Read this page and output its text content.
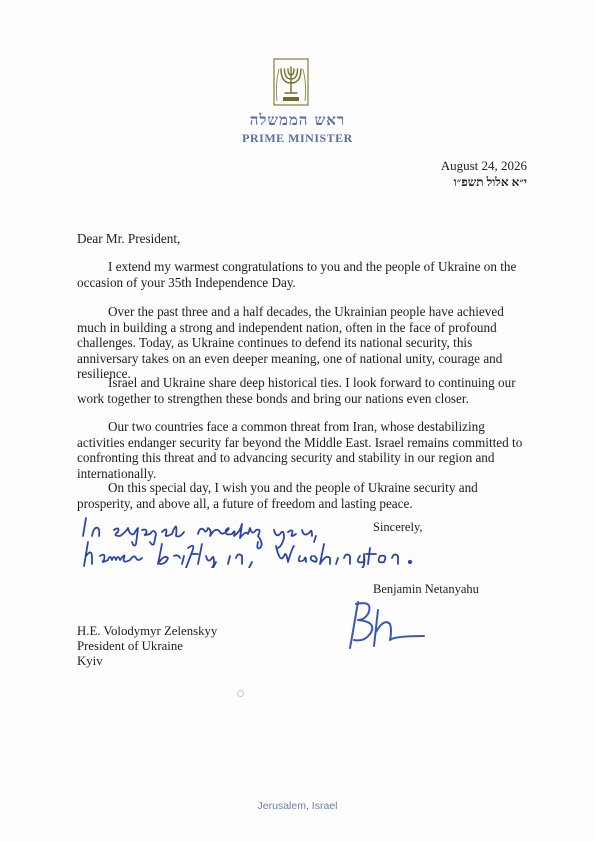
ראש הממשלה
PRIME MINISTER
August 24, 2026
י״א אלול תשפ״ו
Dear Mr. President,
I extend my warmest congratulations to you and the people of Ukraine on the occasion of your 35th Independence Day.
Over the past three and a half decades, the Ukrainian people have achieved much in building a strong and independent nation, often in the face of profound challenges. Today, as Ukraine continues to defend its national security, this anniversary takes on an even deeper meaning, one of national unity, courage and resilience.
Israel and Ukraine share deep historical ties. I look forward to continuing our work together to strengthen these bonds and bring our nations even closer.
Our two countries face a common threat from Iran, whose destabilizing activities endanger security far beyond the Middle East. Israel remains committed to confronting this threat and to advancing security and stability in our region and internationally.
On this special day, I wish you and the people of Ukraine security and prosperity, and above all, a future of freedom and lasting peace.
Sincerely,
Benjamin Netanyahu
H.E. Volodymyr Zelenskyy
President of Ukraine
Kyiv
Jerusalem, Israel
